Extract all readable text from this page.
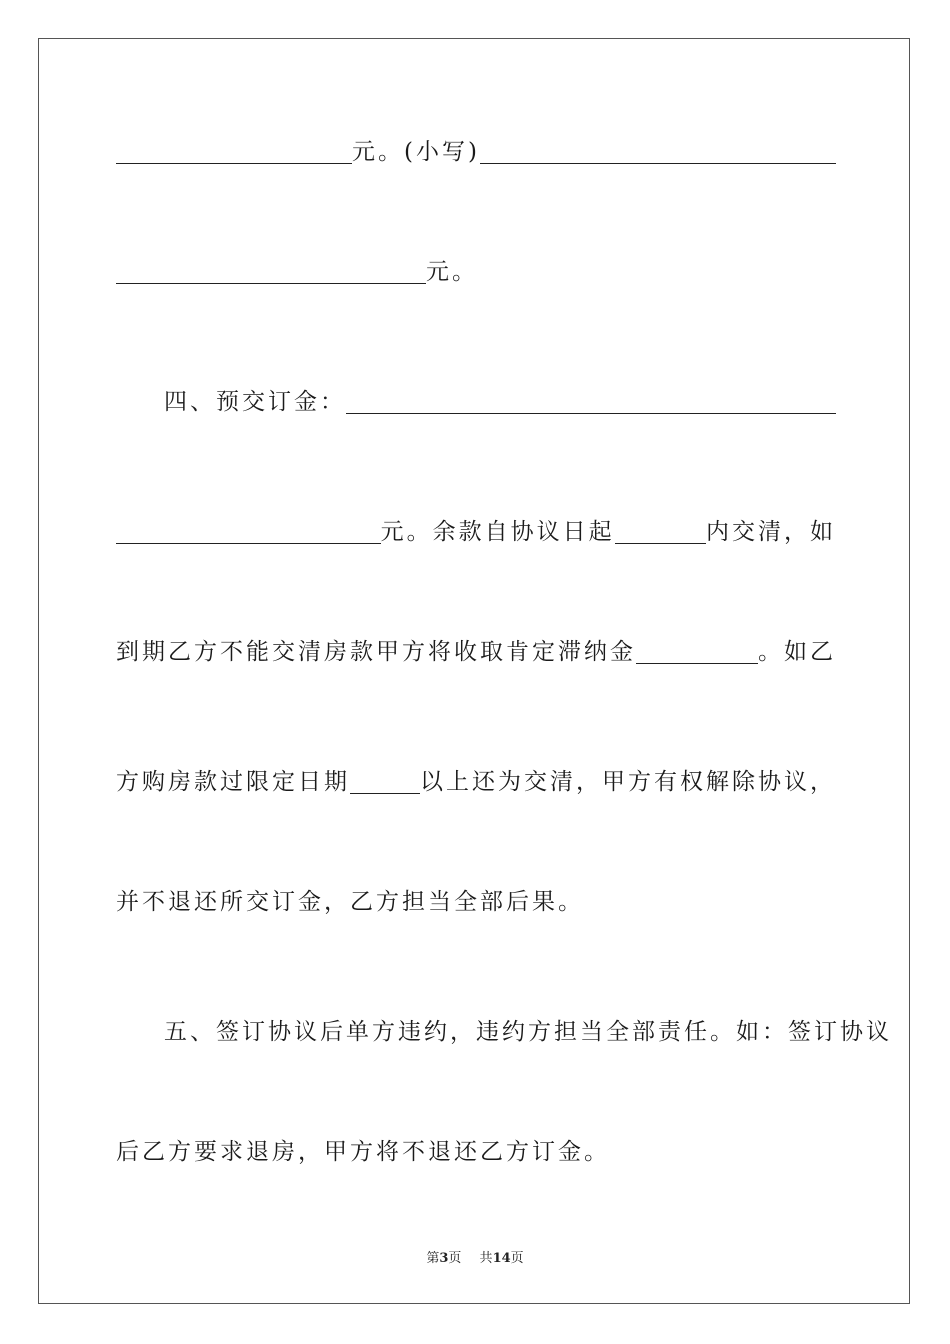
元。(小写)
元。
四、预交订金：
元。余款自协议日起	内交清，如
到期乙方不能交清房款甲方将收取肯定滞纳金	。如乙
方购房款过限定日期	以上还为交清，甲方有权解除协议，
并不退还所交订金，乙方担当全部后果。
五、签订协议后单方违约，违约方担当全部责任。如：签订协议
后乙方要求退房，甲方将不退还乙方订金。
第3页 共14页
